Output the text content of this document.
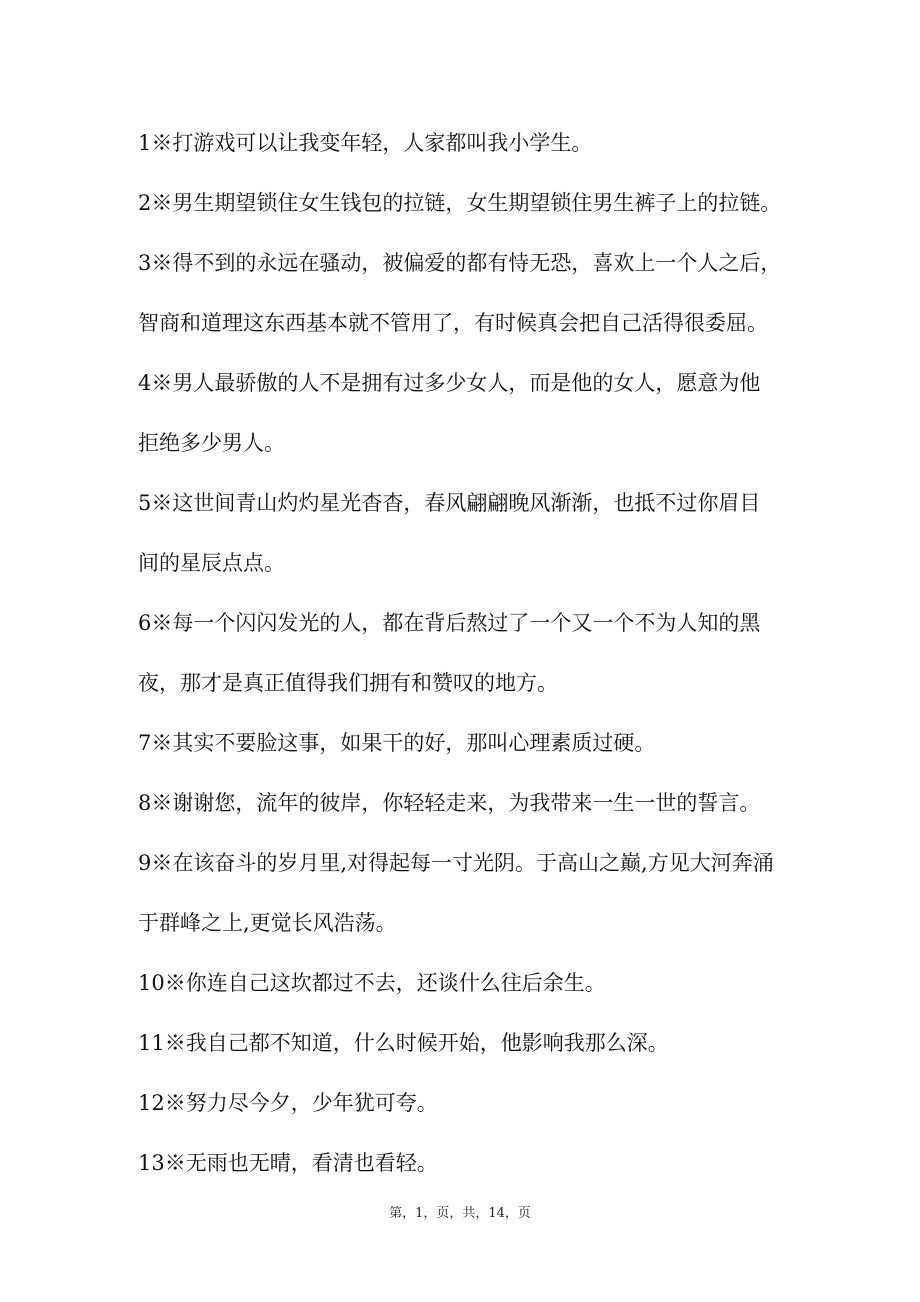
1※打游戏可以让我变年轻，人家都叫我小学生。
2※男生期望锁住女生钱包的拉链，女生期望锁住男生裤子上的拉链。
3※得不到的永远在骚动，被偏爱的都有恃无恐，喜欢上一个人之后，
智商和道理这东西基本就不管用了，有时候真会把自己活得很委屈。
4※男人最骄傲的人不是拥有过多少女人，而是他的女人，愿意为他
拒绝多少男人。
5※这世间青山灼灼星光杳杳，春风翩翩晚风渐渐，也抵不过你眉目
间的星辰点点。
6※每一个闪闪发光的人，都在背后熬过了一个又一个不为人知的黑
夜，那才是真正值得我们拥有和赞叹的地方。
7※其实不要脸这事，如果干的好，那叫心理素质过硬。
8※谢谢您，流年的彼岸，你轻轻走来，为我带来一生一世的誓言。
9※在该奋斗的岁月里,对得起每一寸光阴。于高山之巅,方见大河奔涌
于群峰之上,更觉长风浩荡。
10※你连自己这坎都过不去，还谈什么往后余生。
11※我自己都不知道，什么时候开始，他影响我那么深。
12※努力尽今夕，少年犹可夸。
13※无雨也无晴，看清也看轻。
第，1，页，共，14，页
